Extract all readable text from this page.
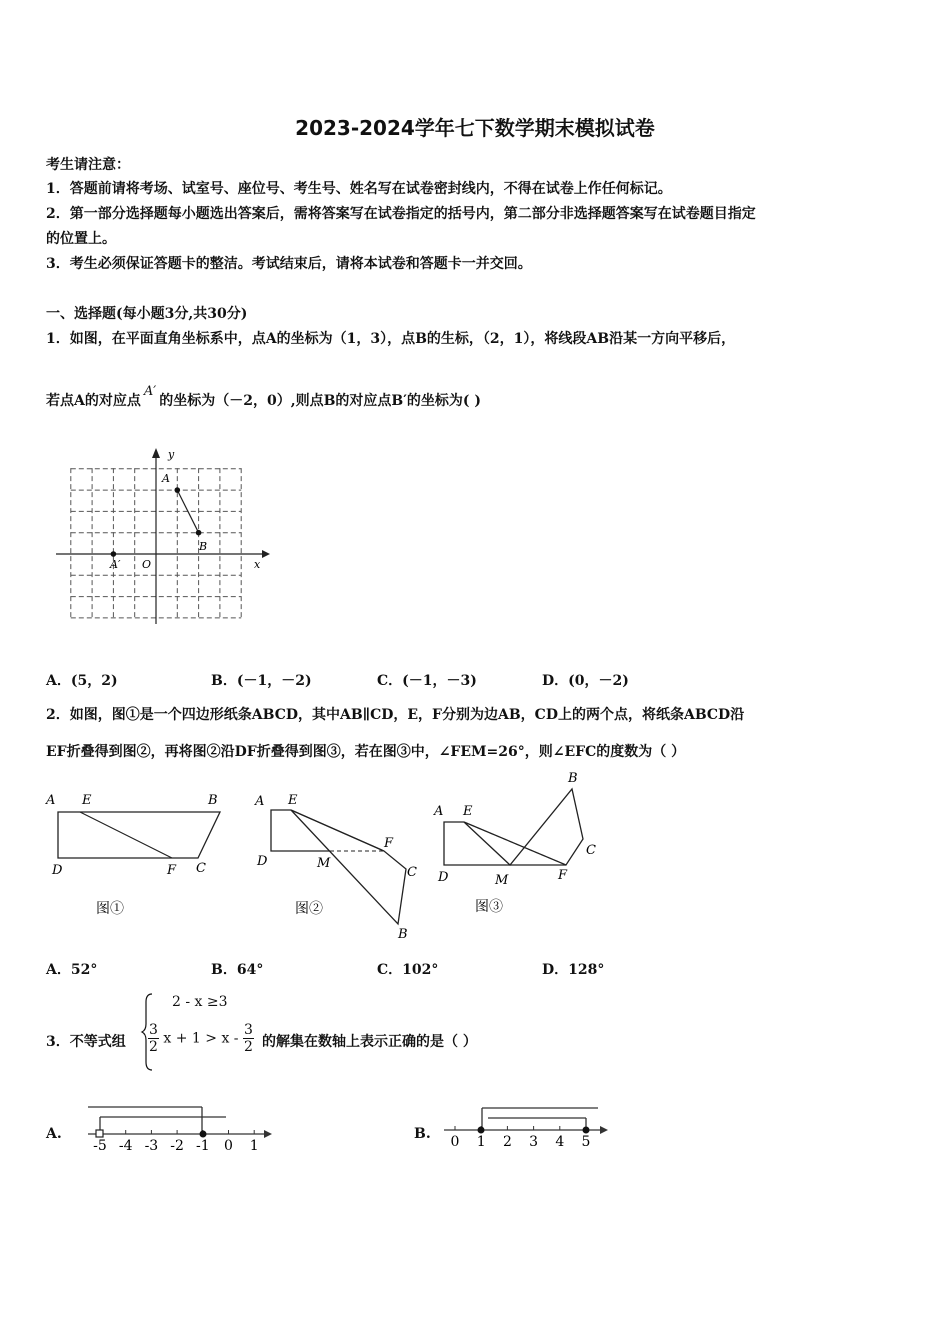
2023-2024学年七下数学期末模拟试卷
考生请注意：
1．答题前请将考场、试室号、座位号、考生号、姓名写在试卷密封线内，不得在试卷上作任何标记。
2．第一部分选择题每小题选出答案后，需将答案写在试卷指定的括号内，第二部分非选择题答案写在试卷题目指定
的位置上。
3．考生必须保证答题卡的整洁。考试结束后，请将本试卷和答题卡一并交回。
一、选择题(每小题3分,共30分)
1．如图，在平面直角坐标系中，点A的坐标为（1，3），点B的生标，（2，1），将线段AB沿某一方向平移后，
若点A的对应点A′的坐标为（－2，0）,则点B的对应点B′的坐标为( )
y
x
O
A
B
A′
A．(5，2)	B．(－1，－2)	C．(－1，－3)	D．(0，－2)
2．如图，图①是一个四边形纸条ABCD，其中AB∥CD，E，F分别为边AB，CD上的两个点，将纸条ABCD沿
EF折叠得到图②，再将图②沿DF折叠得到图③，若在图③中，∠FEM=26°，则∠EFC的度数为（ ）
A E	B
D	F C
图①
A E
F
D	M
C
B
图②
A E
B
C
D	M	F
图③
A．52°	B．64°	C．102°	D．128°
3．不等式组
2 - x ≥3
$\frac{3}{2}$ $x + 1 > x - \frac{3}{2}$ 的解集在数轴上表示正确的是（ ）
A.
-5 -4 -3 -2 -1 0 1
B. 0 1 2 3 4 5
